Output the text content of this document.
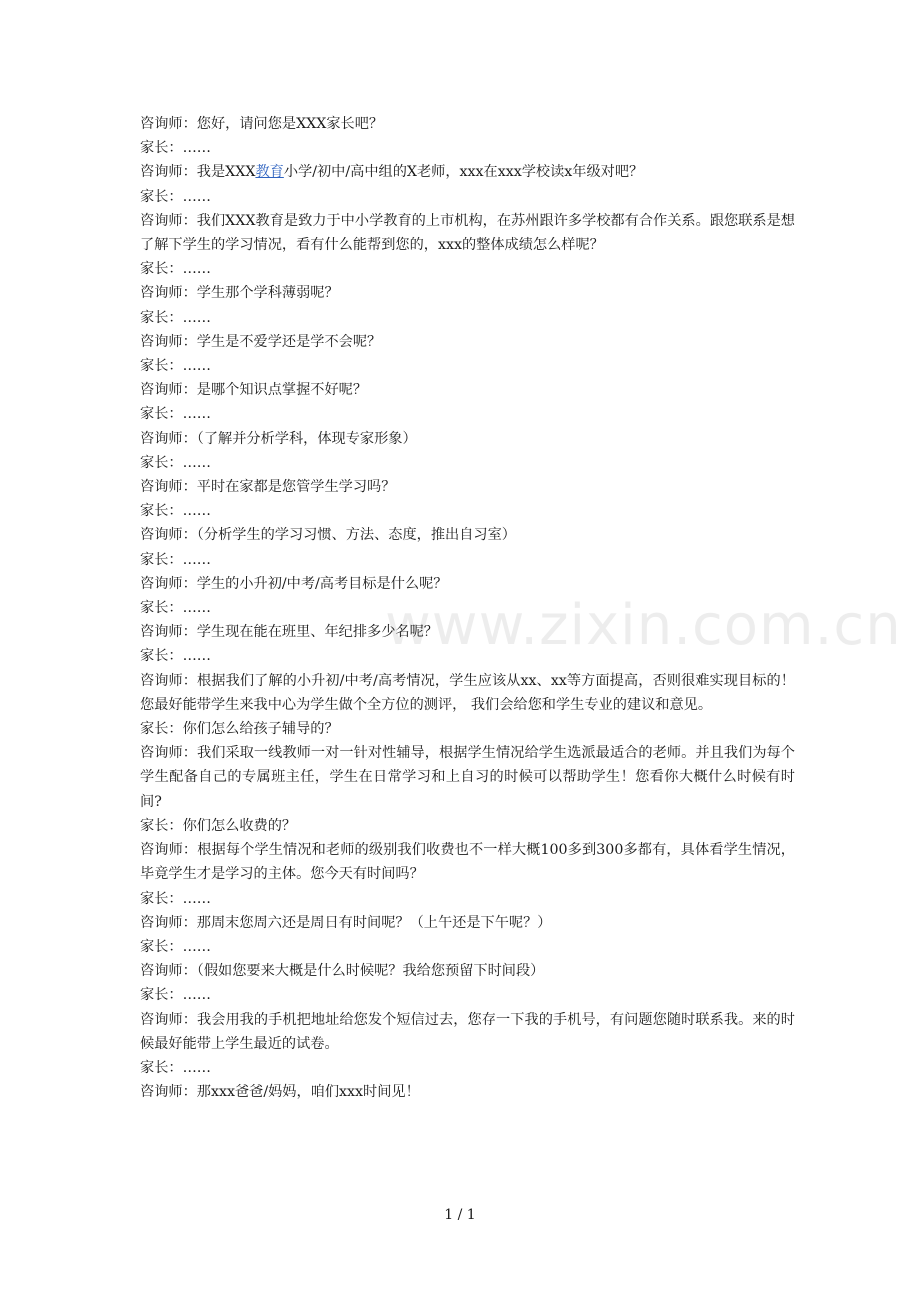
www.zixin.com.cn

咨询师：您好，请问您是XXX家长吧？

家长：……

咨询师：我是XXX教育小学/初中/高中组的X老师，xxx在xxx学校读x年级对吧？

家长：……

咨询师：我们XXX教育是致力于中小学教育的上市机构，在苏州跟许多学校都有合作关系。跟您联系是想了解下学生的学习情况，看有什么能帮到您的，xxx的整体成绩怎么样呢？

家长：……

咨询师：学生那个学科薄弱呢？

家长：……

咨询师：学生是不爱学还是学不会呢？

家长：……

咨询师：是哪个知识点掌握不好呢？

家长：……

咨询师：（了解并分析学科，体现专家形象）

家长：……

咨询师：平时在家都是您管学生学习吗？

家长：……

咨询师：（分析学生的学习习惯、方法、态度，推出自习室）

家长：……

咨询师：学生的小升初/中考/高考目标是什么呢？

家长：……

咨询师：学生现在能在班里、年纪排多少名呢？

家长：……

咨询师：根据我们了解的小升初/中考/高考情况，学生应该从xx、xx等方面提高，否则很难实现目标的！您最好能带学生来我中心为学生做个全方位的测评， 我们会给您和学生专业的建议和意见。

家长：你们怎么给孩子辅导的？

咨询师：我们采取一线教师一对一针对性辅导，根据学生情况给学生选派最适合的老师。并且我们为每个学生配备自己的专属班主任，学生在日常学习和上自习的时候可以帮助学生！您看你大概什么时候有时间?

家长：你们怎么收费的？

咨询师：根据每个学生情况和老师的级别我们收费也不一样大概100多到300多都有，具体看学生情况，毕竟学生才是学习的主体。您今天有时间吗？

家长：……

咨询师：那周末您周六还是周日有时间呢？（上午还是下午呢？）

家长：……

咨询师：（假如您要来大概是什么时候呢？我给您预留下时间段）

家长：……

咨询师：我会用我的手机把地址给您发个短信过去，您存一下我的手机号，有问题您随时联系我。来的时候最好能带上学生最近的试卷。

家长：……

咨询师：那xxx爸爸/妈妈，咱们xxx时间见！

1 / 1
